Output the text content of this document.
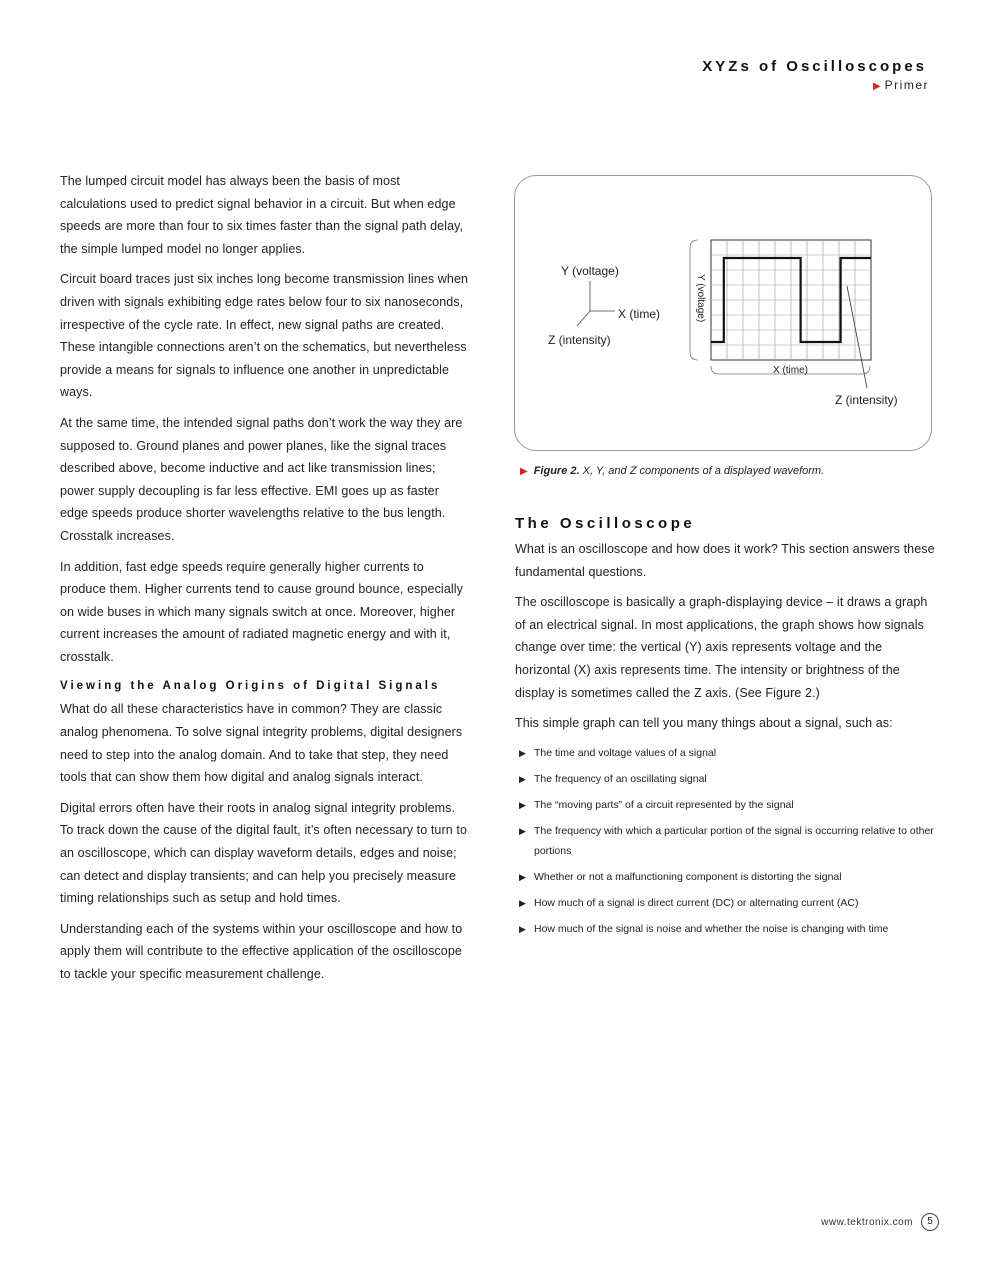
XYZs of Oscilloscopes
▶ Primer

The lumped circuit model has always been the basis of most calculations used to predict signal behavior in a circuit. But when edge speeds are more than four to six times faster than the signal path delay, the simple lumped model no longer applies.

Circuit board traces just six inches long become transmission lines when driven with signals exhibiting edge rates below four to six nanoseconds, irrespective of the cycle rate. In effect, new signal paths are created. These intangible connections aren’t on the schematics, but nevertheless provide a means for signals to influence one another in unpredictable ways.

At the same time, the intended signal paths don’t work the way they are supposed to. Ground planes and power planes, like the signal traces described above, become inductive and act like transmission lines; power supply decoupling is far less effective. EMI goes up as faster edge speeds produce shorter wavelengths relative to the bus length. Crosstalk increases.

In addition, fast edge speeds require generally higher currents to produce them. Higher currents tend to cause ground bounce, especially on wide buses in which many signals switch at once. Moreover, higher current increases the amount of radiated magnetic energy and with it, crosstalk.

Viewing the Analog Origins of Digital Signals

What do all these characteristics have in common? They are classic analog phenomena. To solve signal integrity problems, digital designers need to step into the analog domain. And to take that step, they need tools that can show them how digital and analog signals interact.

Digital errors often have their roots in analog signal integrity problems. To track down the cause of the digital fault, it’s often necessary to turn to an oscilloscope, which can display waveform details, edges and noise; can detect and display transients; and can help you precisely measure timing relationships such as setup and hold times.

Understanding each of the systems within your oscilloscope and how to apply them will contribute to the effective application of the oscilloscope to tackle your specific measurement challenge.

Y (voltage)
X (time)
Z (intensity)
Y (voltage)
X (time)
Z (intensity)
▶ Figure 2. X, Y, and Z components of a displayed waveform.
The Oscilloscope

What is an oscilloscope and how does it work? This section answers these fundamental questions.

The oscilloscope is basically a graph-displaying device – it draws a graph of an electrical signal. In most applications, the graph shows how signals change over time: the vertical (Y) axis represents voltage and the horizontal (X) axis represents time. The intensity or brightness of the display is sometimes called the Z axis. (See Figure 2.)

This simple graph can tell you many things about a signal, such as:

▶ The time and voltage values of a signal
▶ The frequency of an oscillating signal
▶ The “moving parts” of a circuit represented by the signal
▶ The frequency with which a particular portion of the signal is occurring relative to other portions
▶ Whether or not a malfunctioning component is distorting the signal
▶ How much of a signal is direct current (DC) or alternating current (AC)
▶ How much of the signal is noise and whether the noise is changing with time
www.tektronix.com	5
